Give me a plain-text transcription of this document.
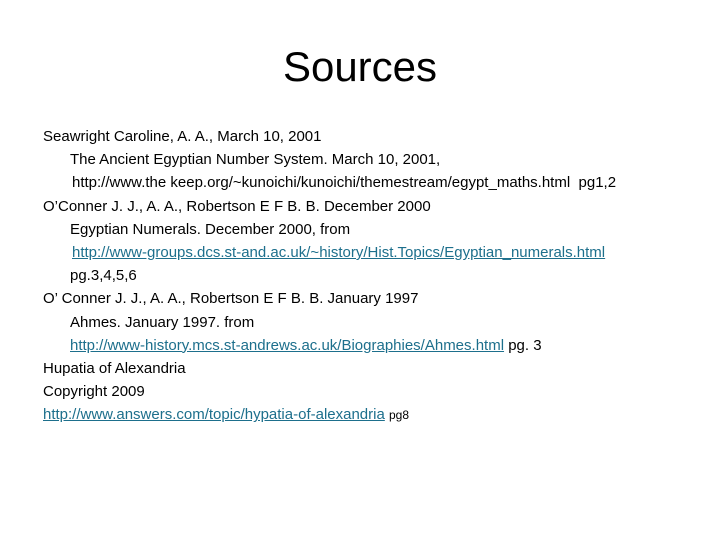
Sources
Seawright Caroline, A. A., March 10, 2001
The Ancient Egyptian Number System. March 10, 2001,
http://www.the keep.org/~kunoichi/kunoichi/themestream/egypt_maths.html pg1,2
O’Conner J. J., A. A., Robertson E F B. B. December 2000
Egyptian Numerals. December 2000, from
http://www-groups.dcs.st-and.ac.uk/~history/Hist.Topics/Egyptian_numerals.html
pg.3,4,5,6
O’ Conner J. J., A. A., Robertson E F B. B. January 1997
Ahmes. January 1997. from
http://www-history.mcs.st-andrews.ac.uk/Biographies/Ahmes.html pg. 3
Hupatia of Alexandria
Copyright 2009
http://www.answers.com/topic/hypatia-of-alexandria pg8
